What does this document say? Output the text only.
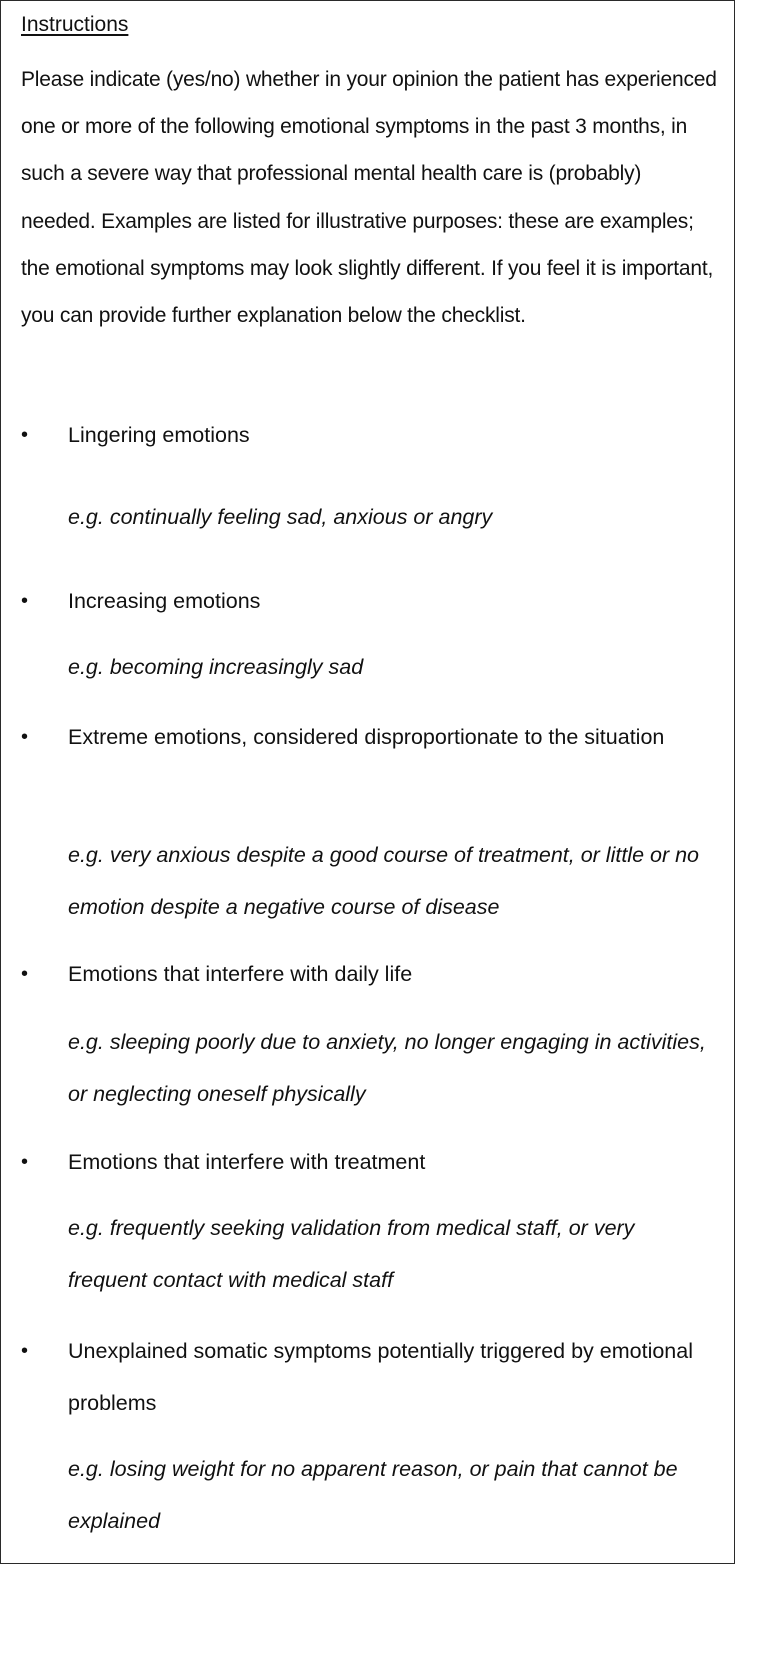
Instructions

Please indicate (yes/no) whether in your opinion the patient has experienced one or more of the following emotional symptoms in the past 3 months, in such a severe way that professional mental health care is (probably) needed. Examples are listed for illustrative purposes: these are examples; the emotional symptoms may look slightly different. If you feel it is important, you can provide further explanation below the checklist.

• Lingering emotions

e.g. continually feeling sad, anxious or angry

• Increasing emotions

e.g. becoming increasingly sad

• Extreme emotions, considered disproportionate to the situation

e.g. very anxious despite a good course of treatment, or little or no emotion despite a negative course of disease

• Emotions that interfere with daily life

e.g. sleeping poorly due to anxiety, no longer engaging in activities, or neglecting oneself physically

• Emotions that interfere with treatment

e.g. frequently seeking validation from medical staff, or very frequent contact with medical staff

• Unexplained somatic symptoms potentially triggered by emotional problems

e.g. losing weight for no apparent reason, or pain that cannot be explained
